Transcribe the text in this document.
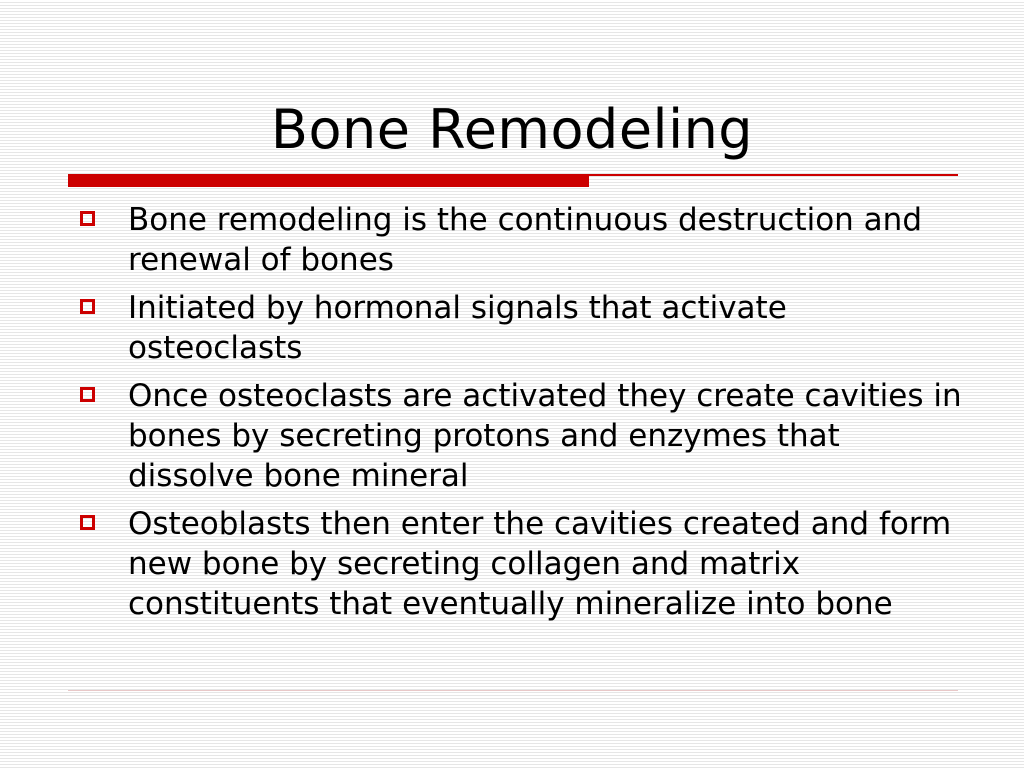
Bone Remodeling
Bone remodeling is the continuous destruction and renewal of bones
Initiated by hormonal signals that activate osteoclasts
Once osteoclasts are activated they create cavities in bones by secreting protons and enzymes that dissolve bone mineral
Osteoblasts then enter the cavities created and form new bone by secreting collagen and matrix constituents that eventually mineralize into bone
